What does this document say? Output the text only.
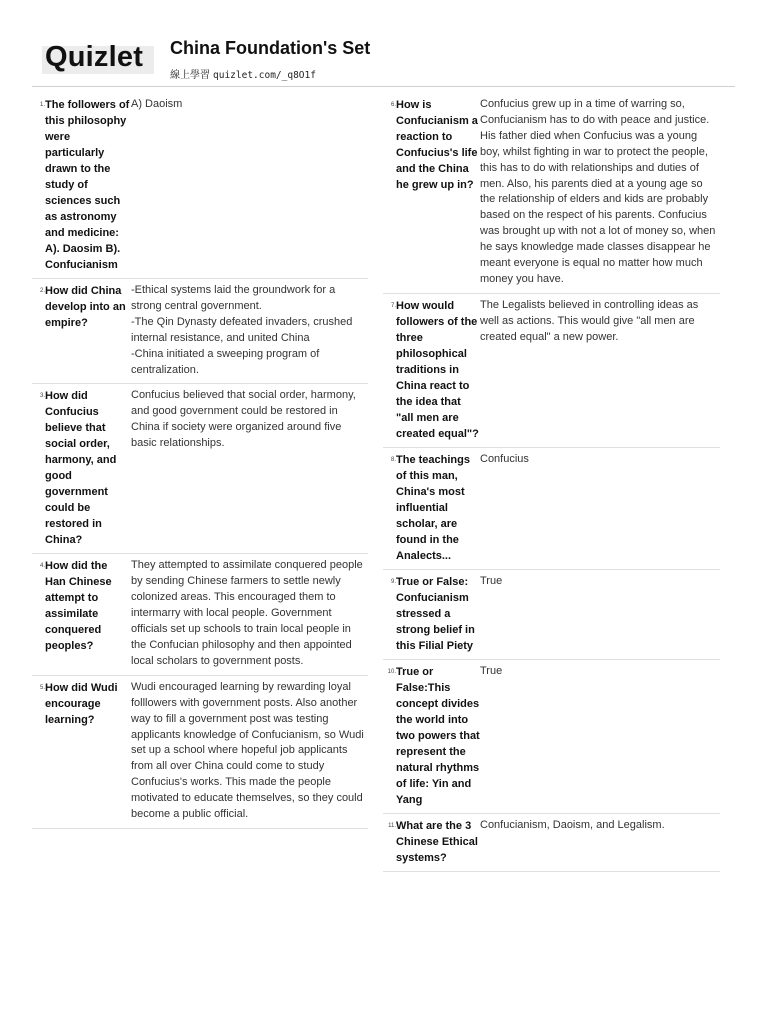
Quizlet China Foundation's Set
線上學習 quizlet.com/_q8O1f
1. The followers of this philosophy were particularly drawn to the study of sciences such as astronomy and medicine: A). Daosim B). Confucianism
A) Daoism
2. How did China develop into an empire?
-Ethical systems laid the groundwork for a strong central government.
-The Qin Dynasty defeated invaders, crushed internal resistance, and united China
-China initiated a sweeping program of centralization.
3. How did Confucius believe that social order, harmony, and good government could be restored in China?
Confucius believed that social order, harmony, and good government could be restored in China if society were organized around five basic relationships.
4. How did the Han Chinese attempt to assimilate conquered peoples?
They attempted to assimilate conquered people by sending Chinese farmers to settle newly colonized areas. This encouraged them to intermarry with local people. Government officials set up schools to train local people in the Confucian philosophy and then appointed local scholars to government posts.
5. How did Wudi encourage learning?
Wudi encouraged learning by rewarding loyal folllowers with government posts. Also another way to fill a government post was testing applicants knowledge of Confucianism, so Wudi set up a school where hopeful job applicants from all over China could come to study Confucius's works. This made the people motivated to educate themselves, so they could become a public official.
6. How is Confucianism a reaction to Confucius's life and the China he grew up in?
Confucius grew up in a time of warring so, Confucianism has to do with peace and justice. His father died when Confucius was a young boy, whilst fighting in war to protect the people, this has to do with relationships and duties of men. Also, his parents died at a young age so the relationship of elders and kids are probably based on the respect of his parents. Confucius was brought up with not a lot of money so, when he says knowledge made classes disappear he meant everyone is equal no matter how much money you have.
7. How would followers of the three philosophical traditions in China react to the idea that "all men are created equal"?
The Legalists believed in controlling ideas as well as actions. This would give "all men are created equal" a new power.
8. The teachings of this man, China's most influential scholar, are found in the Analects...
Confucius
9. True or False: Confucianism stressed a strong belief in this Filial Piety
True
10. True or False:This concept divides the world into two powers that represent the natural rhythms of life: Yin and Yang
True
11. What are the 3 Chinese Ethical systems?
Confucianism, Daoism, and Legalism.
